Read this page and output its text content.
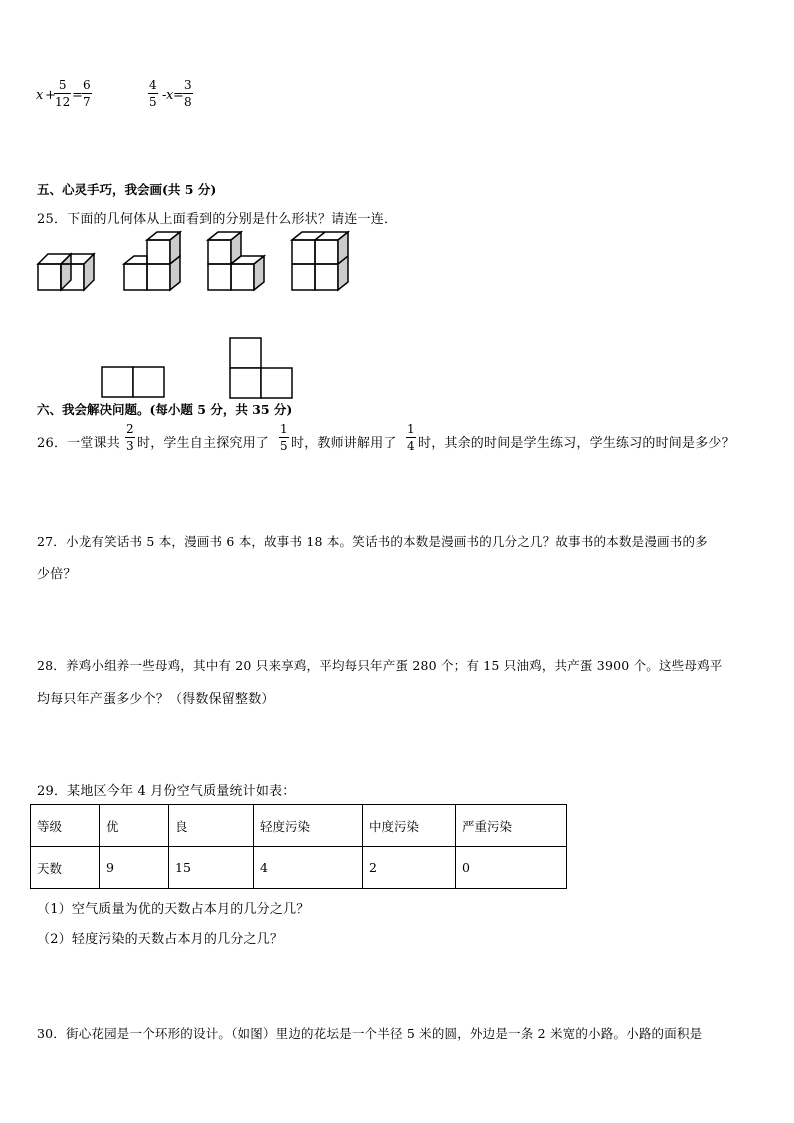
x +
5
12 =
6
7
4
5 - x =
3
8
五、心灵手巧，我会画(共 5 分)
25．下面的几何体从上面看到的分别是什么形状？请连一连．
六、我会解决问题。(每小题 5 分，共 35 分)
26．一堂课共
2
3 时，学生自主探究用了
1
5 时，教师讲解用了
1
4 时，其余的时间是学生练习，学生练习的时间是多少？
27．小龙有笑话书 5 本，漫画书 6 本，故事书 18 本。笑话书的本数是漫画书的几分之几？故事书的本数是漫画书的多
少倍？
28．养鸡小组养一些母鸡，其中有 20 只来享鸡，平均每只年产蛋 280 个；有 15 只油鸡，共产蛋 3900 个。这些母鸡平
均每只年产蛋多少个？（得数保留整数）
29．某地区今年 4 月份空气质量统计如表：
等级	优	良	轻度污染	中度污染	严重污染
天数	9	15	4	2	0
（1）空气质量为优的天数占本月的几分之几？
（2）轻度污染的天数占本月的几分之几？
30．街心花园是一个环形的设计。（如图）里边的花坛是一个半径 5 米的圆，外边是一条 2 米宽的小路。小路的面积是
